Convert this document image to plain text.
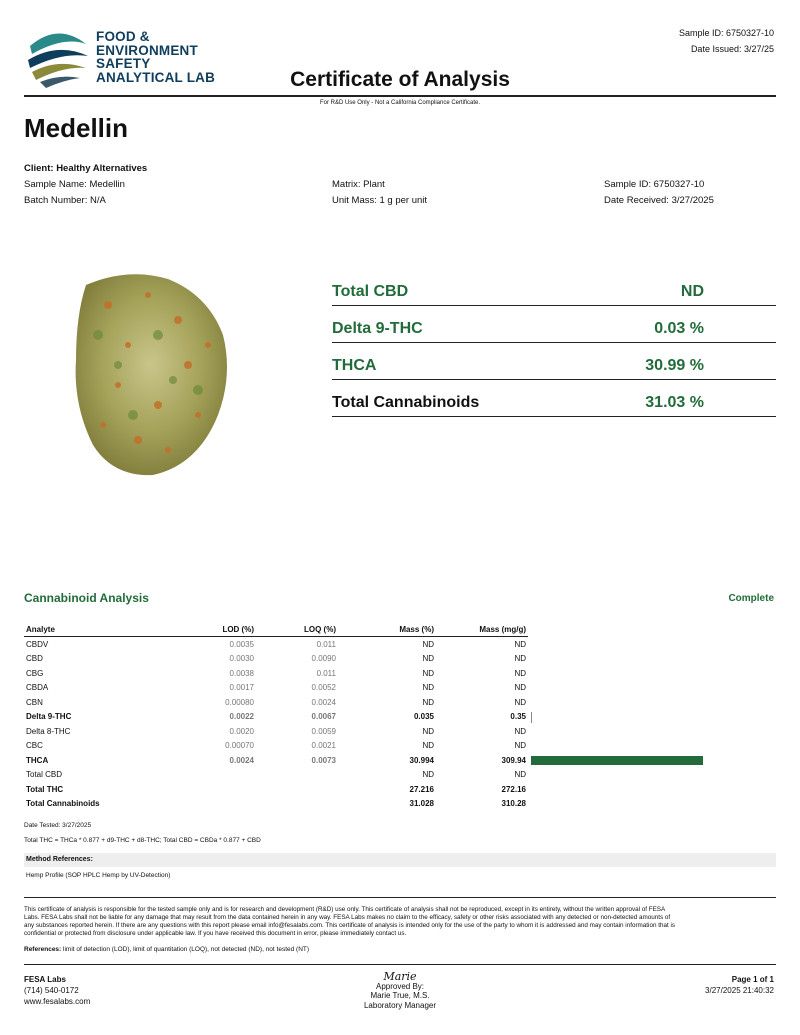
FOOD &
ENVIRONMENT
SAFETY
ANALYTICAL LAB
Sample ID: 6750327-10
Date Issued: 3/27/25
Certificate of Analysis
For R&D Use Only - Not a California Compliance Certificate.
Medellin
Client: Healthy Alternatives
Sample Name: Medellin
Batch Number: N/A
Matrix: Plant
Unit Mass: 1 g per unit
Sample ID: 6750327-10
Date Received: 3/27/2025
Total CBD	ND
Delta 9-THC	0.03 %
THCA	30.99 %
Total Cannabinoids	31.03 %
Cannabinoid Analysis	Complete
Analyte	LOD (%)	LOQ (%)	Mass (%)	Mass (mg/g)	
CBDV	0.0035	0.011	ND	ND	
CBD	0.0030	0.0090	ND	ND	
CBG	0.0038	0.011	ND	ND	
CBDA	0.0017	0.0052	ND	ND	
CBN	0.00080	0.0024	ND	ND	
Delta 9-THC	0.0022	0.0067	0.035	0.35	

Delta 8-THC	0.0020	0.0059	ND	ND	
CBC	0.00070	0.0021	ND	ND	
THCA	0.0024	0.0073	30.994	309.94	

Total CBD			ND	ND	
Total THC			27.216	272.16	
Total Cannabinoids			31.028	310.28	
Date Tested: 3/27/2025
Total THC = THCa * 0.877 + d9-THC + d8-THC; Total CBD = CBDa * 0.877 + CBD
Method References:
Hemp Profile (SOP HPLC Hemp by UV-Detection)
This certificate of analysis is responsible for the tested sample only and is for research and development (R&D) use only. This certificate of analysis shall not be reproduced, except in its entirety, without the written approval of FESA
Labs. FESA Labs shall not be liable for any damage that may result from the data contained herein in any way. FESA Labs makes no claim to the efficacy, safety or other risks associated with any detected or non-detected amounts of
any substances reported herein. If there are any questions with this report please email info@fesalabs.com. This certificate of analysis is intended only for the use of the party to whom it is addressed and may contain information that is
confidential or protected from disclosure under applicable law. If you have received this document in error, please immediately contact us.
References: limit of detection (LOD), limit of quantitation (LOQ), not detected (ND), not tested (NT)
FESA Labs
(714) 540-0172
www.fesalabs.com
Marie
Approved By:
Marie True, M.S.
Laboratory Manager
Page 1 of 1
3/27/2025 21:40:32
